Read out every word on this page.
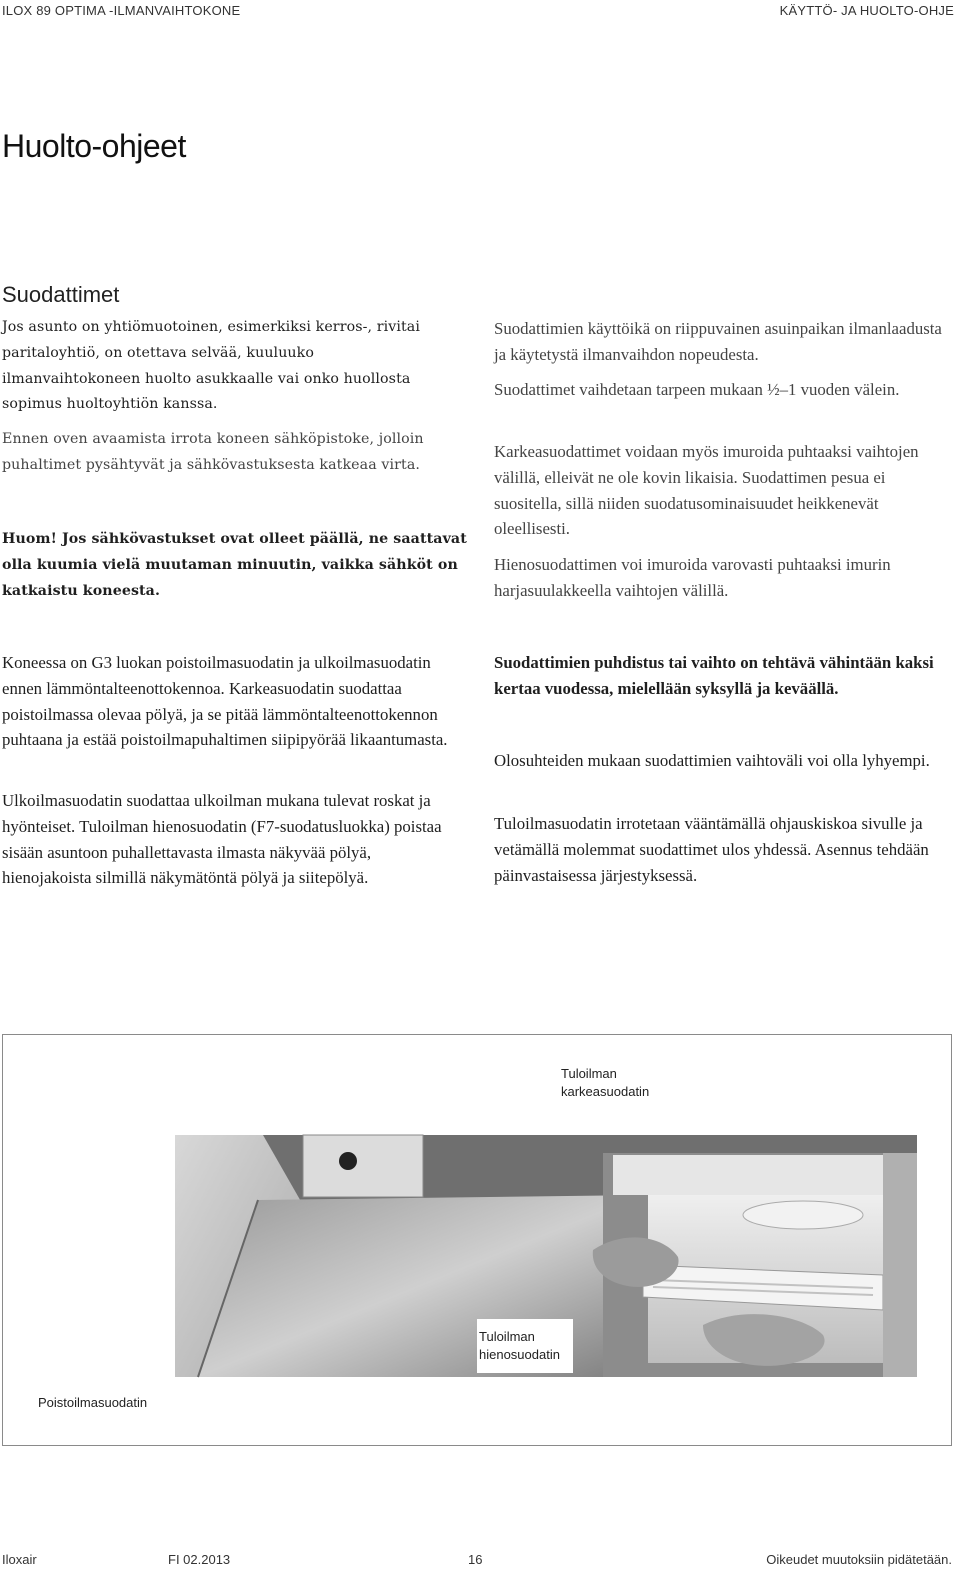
ILOX 89 OPTIMA -ILMANVAIHTOKONE	KÄYTTÖ- JA HUOLTO-OHJE
Huolto-ohjeet
Suodattimet

Jos asunto on yhtiömuotoinen, esimerkiksi kerros-, rivitai paritaloyhtiö, on otettava selvää, kuuluuko ilmanvaihtokoneen huolto asukkaalle vai onko huollosta sopimus huoltoyhtiön kanssa.

Ennen oven avaamista irrota koneen sähköpistoke, jolloin puhaltimet pysähtyvät ja sähkövastuksesta katkeaa virta.

Huom! Jos sähkövastukset ovat olleet päällä, ne saattavat olla kuumia vielä muutaman minuutin, vaikka sähköt on katkaistu koneesta.

Suodattimien käyttöikä on riippuvainen asuinpaikan ilmanlaadusta ja käytetystä ilmanvaihdon nopeudesta.

Suodattimet vaihdetaan tarpeen mukaan ½–1 vuoden välein.

Karkeasuodattimet voidaan myös imuroida puhtaaksi vaihtojen välillä, elleivät ne ole kovin likaisia. Suodattimen pesua ei suositella, sillä niiden suodatusominaisuudet heikkenevät oleellisesti.

Hienosuodattimen voi imuroida varovasti puhtaaksi imurin harjasuulakkeella vaihtojen välillä.

Koneessa on G3 luokan poistoilmasuodatin ja ulkoilmasuodatin ennen lämmöntalteenottokennoa. Karkeasuodatin suodattaa poistoilmassa olevaa pölyä, ja se pitää lämmöntalteenottokennon puhtaana ja estää poistoilmapuhaltimen siipipyörää likaantumasta.

Ulkoilmasuodatin suodattaa ulkoilman mukana tulevat roskat ja hyönteiset. Tuloilman hienosuodatin (F7-suodatusluokka) poistaa sisään asuntoon puhallettavasta ilmasta näkyvää pölyä, hienojakoista silmillä näkymätöntä pölyä ja siitepölyä.

Suodattimien puhdistus tai vaihto on tehtävä vähintään kaksi kertaa vuodessa, mielellään syksyllä ja keväällä.

Olosuhteiden mukaan suodattimien vaihtoväli voi olla lyhyempi.

Tuloilmasuodatin irrotetaan vääntämällä ohjauskiskoa sivulle ja vetämällä molemmat suodattimet ulos yhdessä. Asennus tehdään päinvastaisessa järjestyksessä.

Tuloilman
karkeasuodatin
Tuloilman
hienosuodatin
Poistoilmasuodatin
Iloxair	FI 02.2013	16	Oikeudet muutoksiin pidätetään.
